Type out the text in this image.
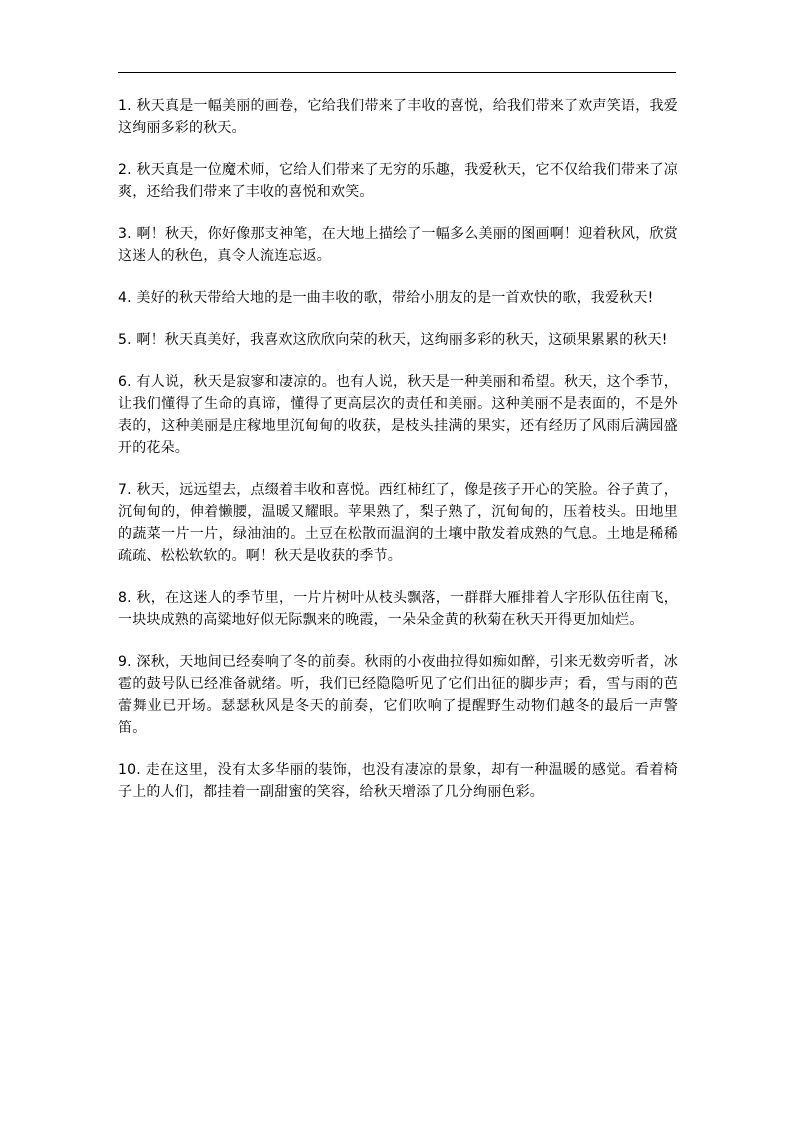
1. 秋天真是一幅美丽的画卷，它给我们带来了丰收的喜悦，给我们带来了欢声笑语，我爱这绚丽多彩的秋天。

2. 秋天真是一位魔术师，它给人们带来了无穷的乐趣，我爱秋天，它不仅给我们带来了凉爽，还给我们带来了丰收的喜悦和欢笑。

3. 啊！秋天，你好像那支神笔，在大地上描绘了一幅多么美丽的图画啊！迎着秋风，欣赏这迷人的秋色，真令人流连忘返。

4. 美好的秋天带给大地的是一曲丰收的歌，带给小朋友的是一首欢快的歌，我爱秋天!

5. 啊！秋天真美好，我喜欢这欣欣向荣的秋天，这绚丽多彩的秋天，这硕果累累的秋天!

6. 有人说，秋天是寂寥和凄凉的。也有人说，秋天是一种美丽和希望。秋天，这个季节，让我们懂得了生命的真谛，懂得了更高层次的责任和美丽。这种美丽不是表面的，不是外表的，这种美丽是庄稼地里沉甸甸的收获，是枝头挂满的果实，还有经历了风雨后满园盛开的花朵。

7. 秋天，远远望去，点缀着丰收和喜悦。西红柿红了，像是孩子开心的笑脸。谷子黄了，沉甸甸的，伸着懒腰，温暖又耀眼。苹果熟了，梨子熟了，沉甸甸的，压着枝头。田地里的蔬菜一片一片，绿油油的。土豆在松散而温润的土壤中散发着成熟的气息。土地是稀稀疏疏、松松软软的。啊！秋天是收获的季节。

8. 秋，在这迷人的季节里，一片片树叶从枝头飘落，一群群大雁排着人字形队伍往南飞，一块块成熟的高粱地好似无际飘来的晚霞，一朵朵金黄的秋菊在秋天开得更加灿烂。

9. 深秋，天地间已经奏响了冬的前奏。秋雨的小夜曲拉得如痴如醉，引来无数旁听者，冰雹的鼓号队已经准备就绪。听，我们已经隐隐听见了它们出征的脚步声；看，雪与雨的芭蕾舞业已开场。瑟瑟秋风是冬天的前奏，它们吹响了提醒野生动物们越冬的最后一声警笛。

10. 走在这里，没有太多华丽的装饰，也没有凄凉的景象，却有一种温暖的感觉。看着椅子上的人们，都挂着一副甜蜜的笑容，给秋天增添了几分绚丽色彩。
